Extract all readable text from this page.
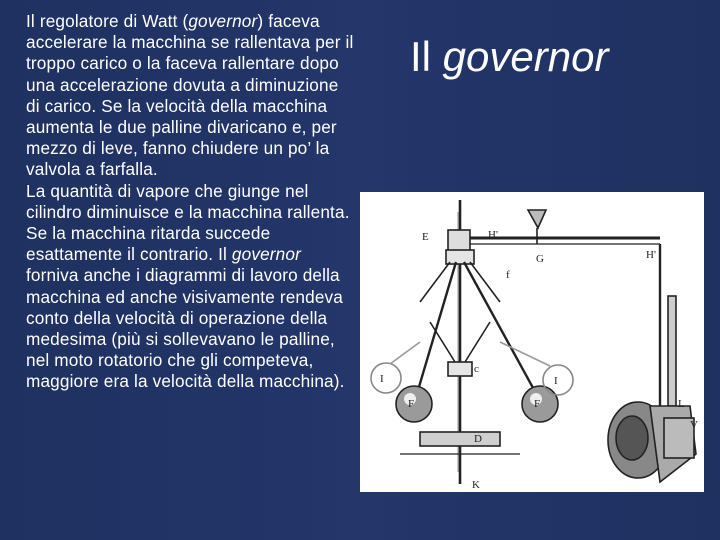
Il regolatore di Watt (governor) faceva accelerare la macchina se rallentava per il troppo carico o la faceva rallentare dopo una accelerazione dovuta a diminuzione di carico. Se la velocità della macchina aumenta le due palline divaricano e, per mezzo di leve, fanno chiudere un po’ la valvola a farfalla.

La quantità di vapore che giunge nel cilindro diminuisce e la macchina rallenta.

Se la macchina ritarda succede esattamente il contrario. Il governor forniva anche i diagrammi di lavoro della macchina ed anche visivamente rendeva conto della velocità di operazione della medesima (più si sollevavano le palline, nel moto rotatorio che gli competeva, maggiore era la velocità della macchina).

Il governor
E	H'
G	H'
f
I	I
F	F
c
D
K
L
V
